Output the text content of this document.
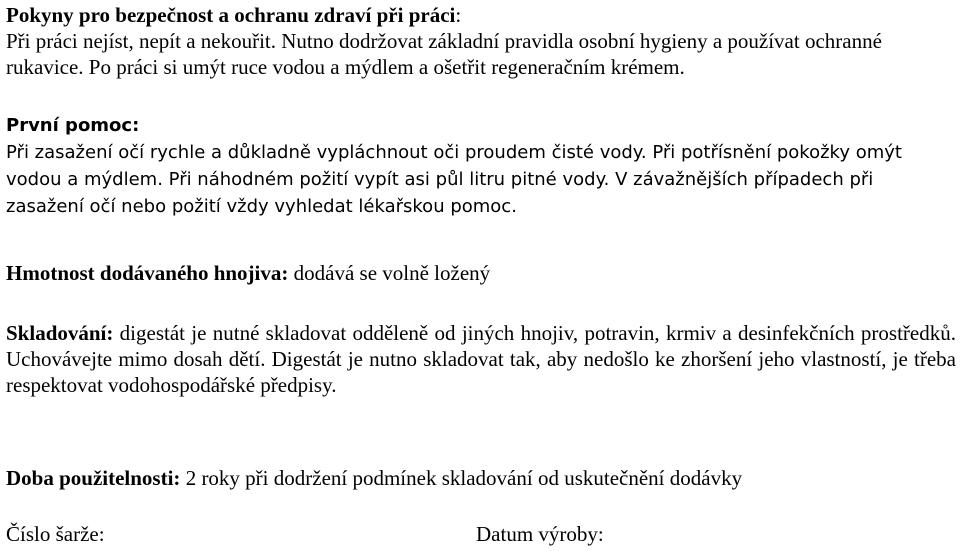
Pokyny pro bezpečnost a ochranu zdraví při práci:
Při práci nejíst, nepít a nekouřit. Nutno dodržovat základní pravidla osobní hygieny a používat ochranné rukavice. Po práci si umýt ruce vodou a mýdlem a ošetřit regeneračním krémem.

První pomoc:
Při zasažení očí rychle a důkladně vypláchnout oči proudem čisté vody. Při potřísnění pokožky omýt vodou a mýdlem. Při náhodném požití vypít asi půl litru pitné vody. V závažnějších případech při zasažení očí nebo požití vždy vyhledat lékařskou pomoc.

Hmotnost dodávaného hnojiva: dodává se volně ložený

Skladování: digestát je nutné skladovat odděleně od jiných hnojiv, potravin, krmiv a desinfekčních prostředků. Uchovávejte mimo dosah dětí. Digestát je nutno skladovat tak, aby nedošlo ke zhoršení jeho vlastností, je třeba respektovat vodohospodářské předpisy.

Doba použitelnosti: 2 roky při dodržení podmínek skladování od uskutečnění dodávky

Číslo šarže:	Datum výroby:
